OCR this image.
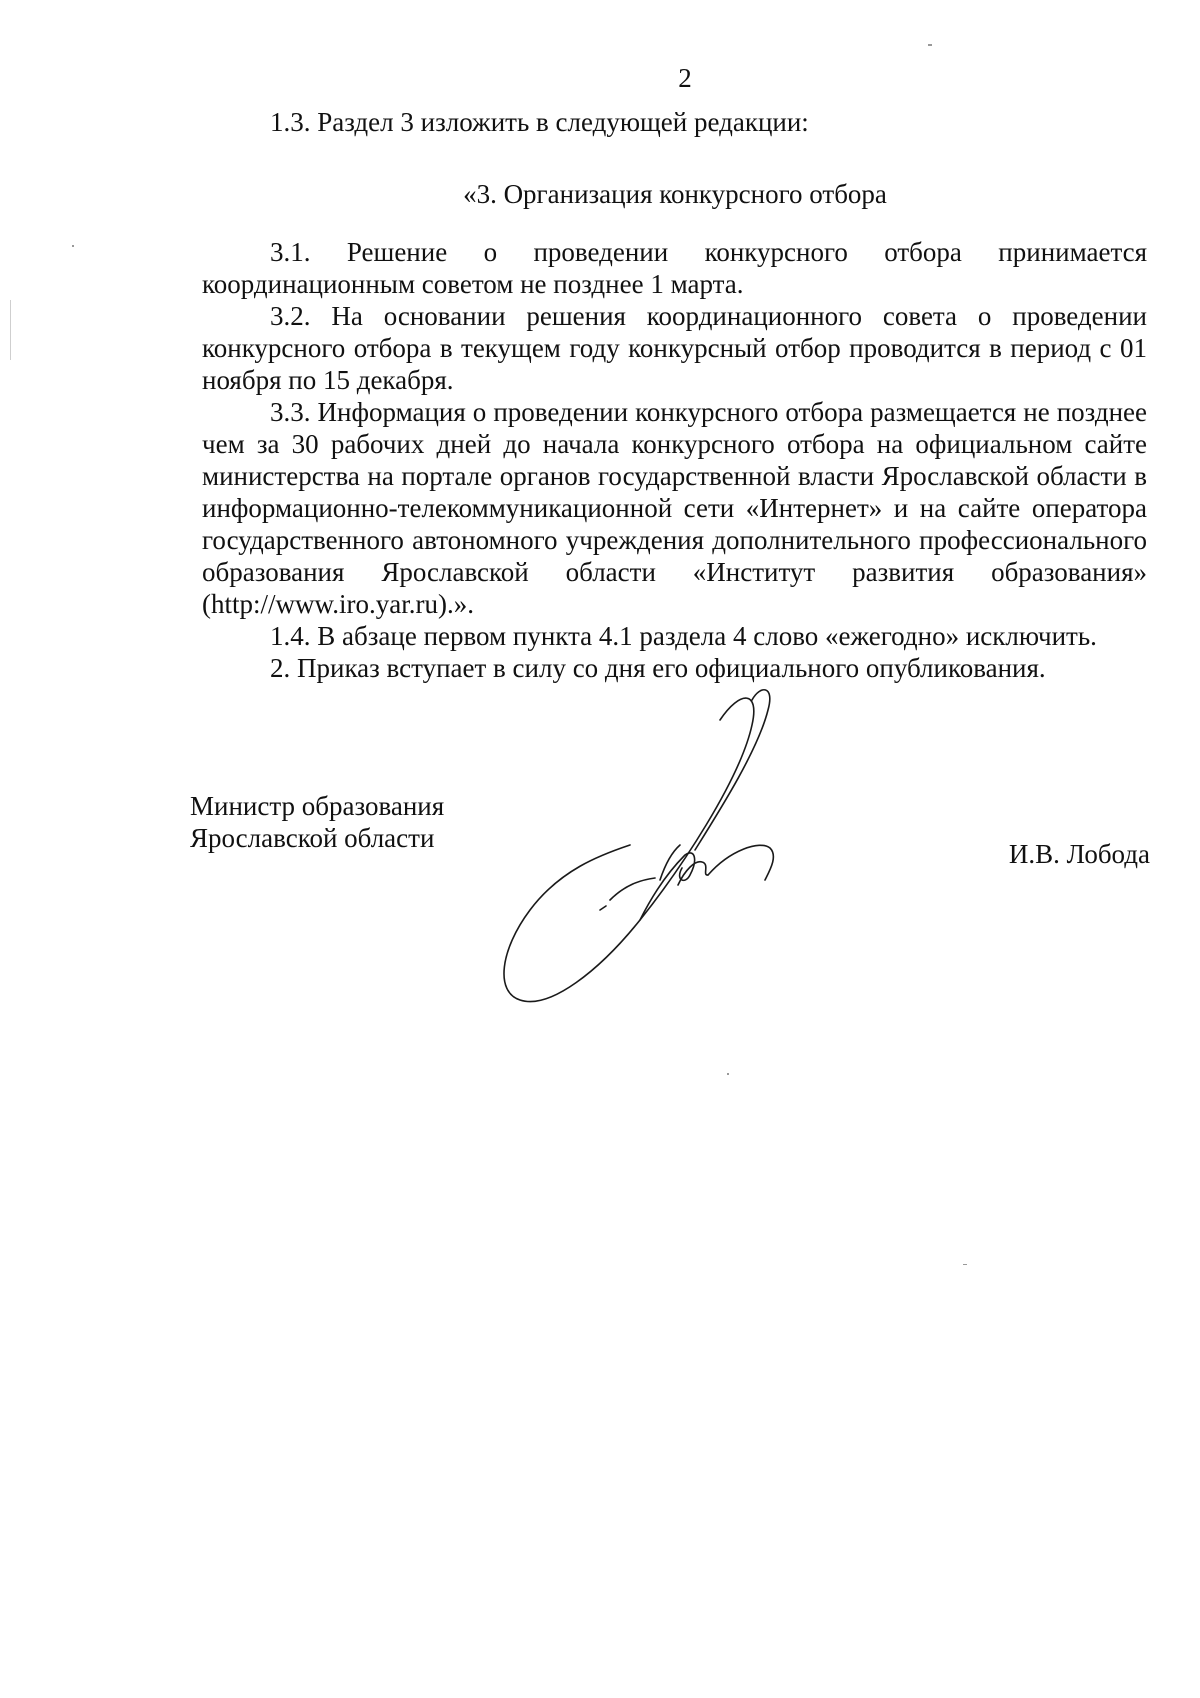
2

1.3. Раздел 3 изложить в следующей редакции:

«3. Организация конкурсного отбора

3.1. Решение о проведении конкурсного отбора принимается координационным советом не позднее 1 марта.

3.2. На основании решения координационного совета о проведении конкурсного отбора в текущем году конкурсный отбор проводится в период с 01 ноября по 15 декабря.

3.3. Информация о проведении конкурсного отбора размещается не позднее чем за 30 рабочих дней до начала конкурсного отбора на официальном сайте министерства на портале органов государственной власти Ярославской области в информационно-телекоммуникационной сети «Интернет» и на сайте оператора государственного автономного учреждения дополнительного профессионального образования Ярославской области «Институт развития образования» (http://www.iro.yar.ru).».

1.4. В абзаце первом пункта 4.1 раздела 4 слово «ежегодно» исключить.

2. Приказ вступает в силу со дня его официального опубликования.

Министр образования
Ярославской области
И.В. Лобода
